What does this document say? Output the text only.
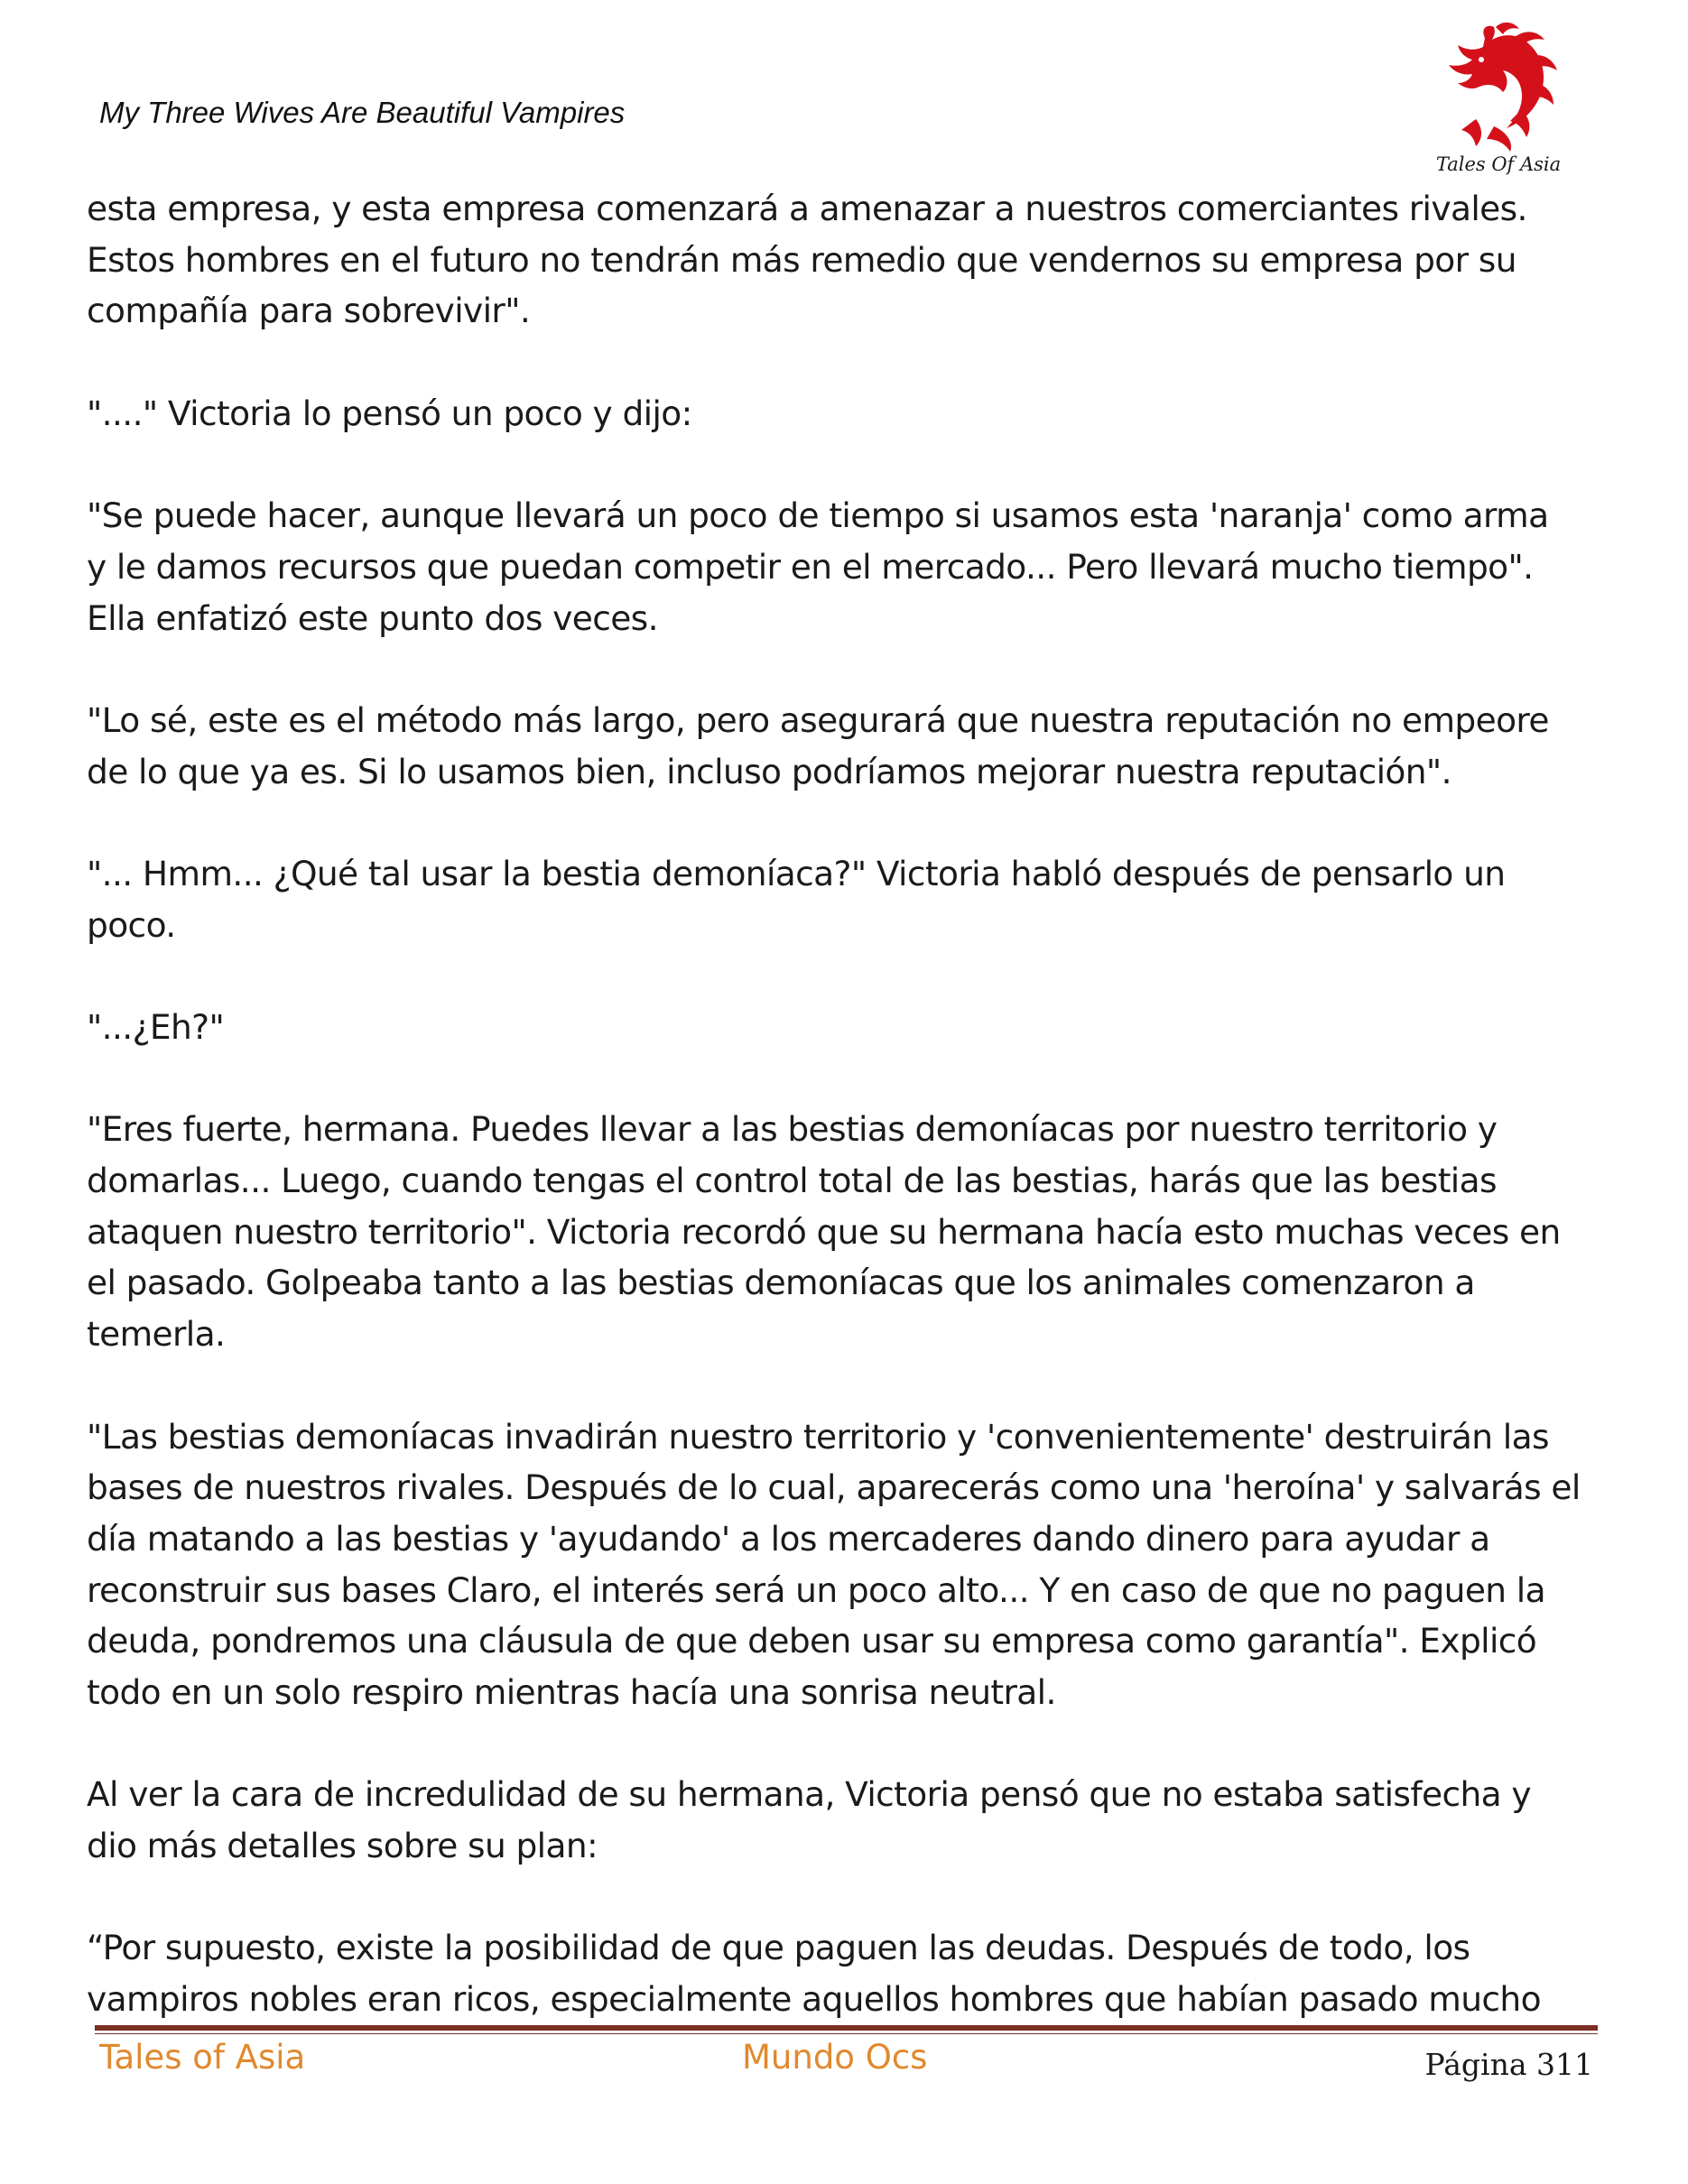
My Three Wives Are Beautiful Vampires
Tales Of Asia
esta empresa, y esta empresa comenzará a amenazar a nuestros comerciantes rivales.
Estos hombres en el futuro no tendrán más remedio que vendernos su empresa por su
compañía para sobrevivir".
"...." Victoria lo pensó un poco y dijo:
"Se puede hacer, aunque llevará un poco de tiempo si usamos esta 'naranja' como arma
y le damos recursos que puedan competir en el mercado... Pero llevará mucho tiempo".
Ella enfatizó este punto dos veces.
"Lo sé, este es el método más largo, pero asegurará que nuestra reputación no empeore
de lo que ya es. Si lo usamos bien, incluso podríamos mejorar nuestra reputación".
"... Hmm... ¿Qué tal usar la bestia demoníaca?" Victoria habló después de pensarlo un
poco.
"...¿Eh?"
"Eres fuerte, hermana. Puedes llevar a las bestias demoníacas por nuestro territorio y
domarlas... Luego, cuando tengas el control total de las bestias, harás que las bestias
ataquen nuestro territorio". Victoria recordó que su hermana hacía esto muchas veces en
el pasado. Golpeaba tanto a las bestias demoníacas que los animales comenzaron a
temerla.
"Las bestias demoníacas invadirán nuestro territorio y 'convenientemente' destruirán las
bases de nuestros rivales. Después de lo cual, aparecerás como una 'heroína' y salvarás el
día matando a las bestias y 'ayudando' a los mercaderes dando dinero para ayudar a
reconstruir sus bases Claro, el interés será un poco alto... Y en caso de que no paguen la
deuda, pondremos una cláusula de que deben usar su empresa como garantía". Explicó
todo en un solo respiro mientras hacía una sonrisa neutral.
Al ver la cara de incredulidad de su hermana, Victoria pensó que no estaba satisfecha y
dio más detalles sobre su plan:
“Por supuesto, existe la posibilidad de que paguen las deudas. Después de todo, los
vampiros nobles eran ricos, especialmente aquellos hombres que habían pasado mucho
Tales of Asia	Mundo Ocs	Página 311
